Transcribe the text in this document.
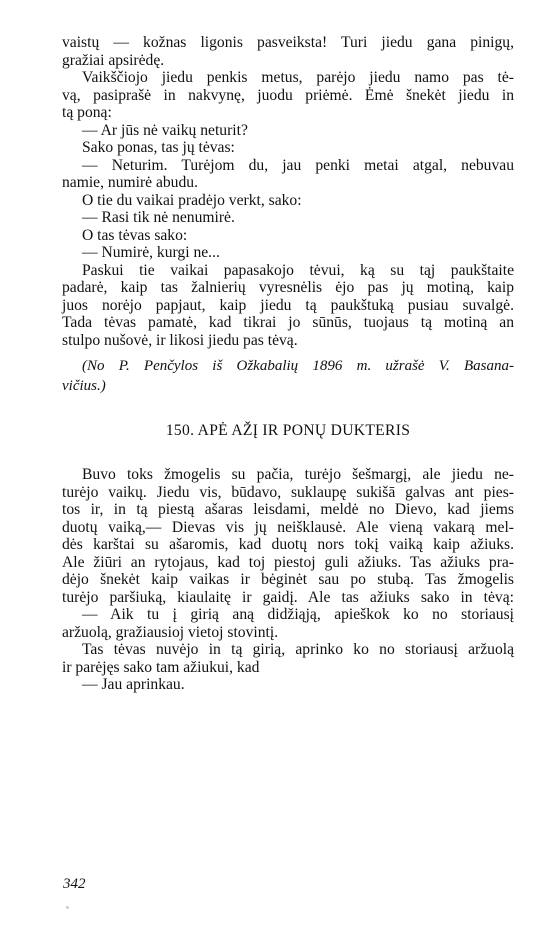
vaistų — kožnas ligonis pasveiksta! Turi jiedu gana pinigų,
gražiai apsirėdę.
Vaikščiojo jiedu penkis metus, parėjo jiedu namo pas tė-
vą, pasiprašė in nakvynę, juodu priėmė. Ėmė šnekėt jiedu in
tą poną:
— Ar jūs nė vaikų neturit?
Sako ponas, tas jų tėvas:
— Neturim. Turėjom du, jau penki metai atgal, nebuvau
namie, numirė abudu.
O tie du vaikai pradėjo verkt, sako:
— Rasi tik nė nenumirė.
O tas tėvas sako:
— Numirė, kurgi ne...
Paskui tie vaikai papasakojo tėvui, ką su tąj paukštaite
padarė, kaip tas žalnierių vyresnėlis ėjo pas jų motiną, kaip
juos norėjo papjaut, kaip jiedu tą paukštuką pusiau suvalgė.
Tada tėvas pamatė, kad tikrai jo sūnūs, tuojaus tą motiną an
stulpo nušovė, ir likosi jiedu pas tėvą.
(No P. Penčylos iš Ožkabalių 1896 m. užrašė V. Basana-
vičius.)
150. APĖ AŽĮ IR PONŲ DUKTERIS
Buvo toks žmogelis su pačia, turėjo šešmargį, ale jiedu ne-
turėjo vaikų. Jiedu vis, būdavo, suklaupę sukišā galvas ant pies-
tos ir, in tą piestą ašaras leisdami, meldė no Dievo, kad jiems
duotų vaiką,— Dievas vis jų neišklausė. Ale vieną vakarą mel-
dės karštai su ašaromis, kad duotų nors tokį vaiką kaip ažiuks.
Ale žiūri an rytojaus, kad toj piestoj guli ažiuks. Tas ažiuks pra-
dėjo šnekėt kaip vaikas ir bėginėt sau po stubą. Tas žmogelis
turėjo paršiuką, kiaulaitę ir gaidį. Ale tas ažiuks sako in tėvą:
— Aik tu į girią aną didžiąją, apieškok ko no storiausį
aržuolą, gražiausioj vietoj stovintį.
Tas tėvas nuvėjo in tą girią, aprinko ko no storiausį aržuolą
ir parėjęs sako tam ažiukui, kad
— Jau aprinkau.
342
